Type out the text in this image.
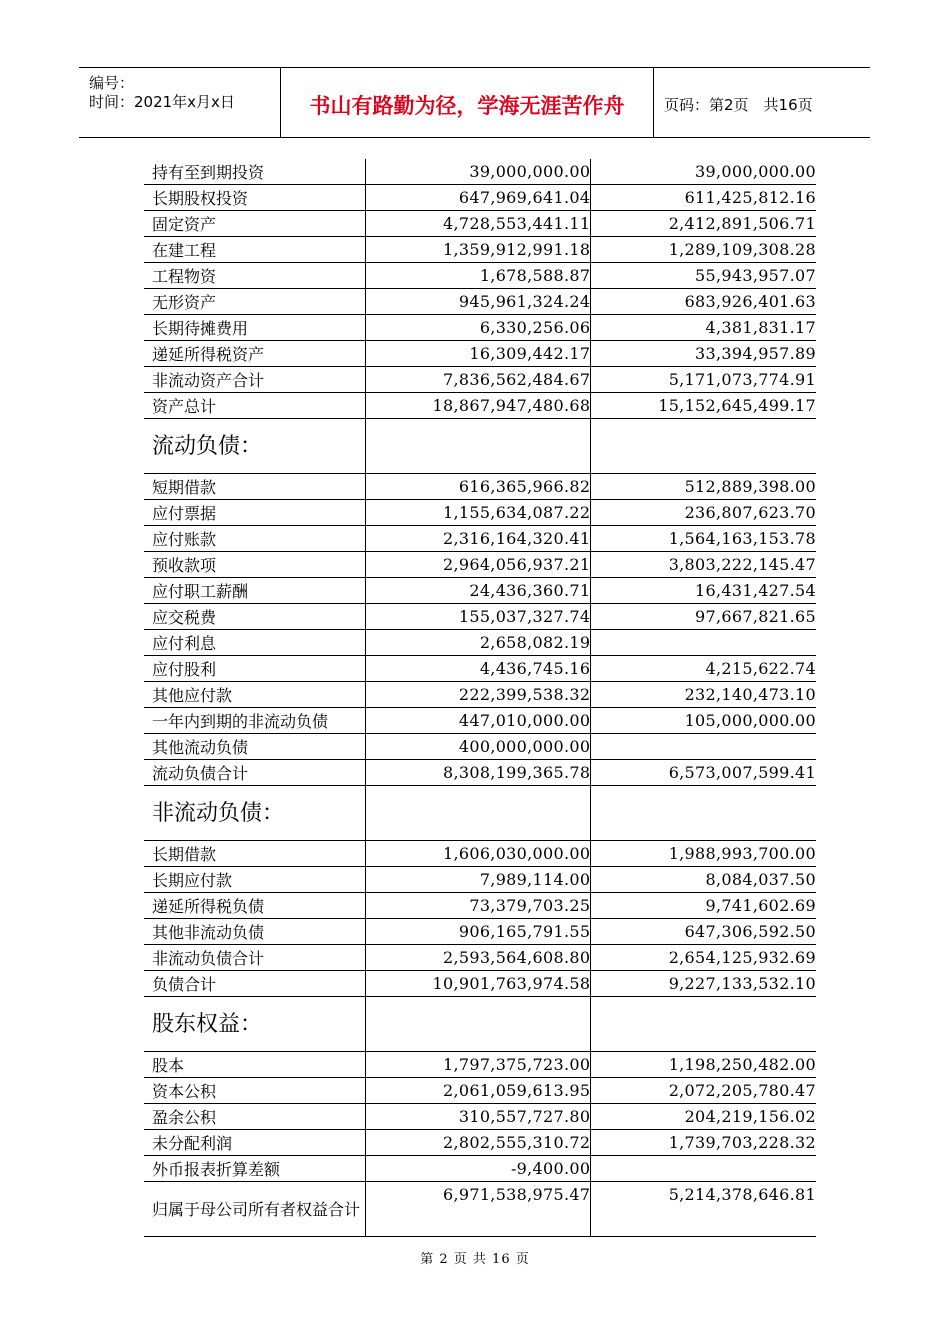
编号：
时间：2021年x月x日	书山有路勤为径，学海无涯苦作舟	页码：第2页　共16页
持有至到期投资	39,000,000.00	39,000,000.00
长期股权投资	647,969,641.04	611,425,812.16
固定资产	4,728,553,441.11	2,412,891,506.71
在建工程	1,359,912,991.18	1,289,109,308.28
工程物资	1,678,588.87	55,943,957.07
无形资产	945,961,324.24	683,926,401.63
长期待摊费用	6,330,256.06	4,381,831.17
递延所得税资产	16,309,442.17	33,394,957.89
非流动资产合计	7,836,562,484.67	5,171,073,774.91
资产总计	18,867,947,480.68	15,152,645,499.17
流动负债：		
短期借款	616,365,966.82	512,889,398.00
应付票据	1,155,634,087.22	236,807,623.70
应付账款	2,316,164,320.41	1,564,163,153.78
预收款项	2,964,056,937.21	3,803,222,145.47
应付职工薪酬	24,436,360.71	16,431,427.54
应交税费	155,037,327.74	97,667,821.65
应付利息	2,658,082.19	
应付股利	4,436,745.16	4,215,622.74
其他应付款	222,399,538.32	232,140,473.10
一年内到期的非流动负债	447,010,000.00	105,000,000.00
其他流动负债	400,000,000.00	
流动负债合计	8,308,199,365.78	6,573,007,599.41
非流动负债：		
长期借款	1,606,030,000.00	1,988,993,700.00
长期应付款	7,989,114.00	8,084,037.50
递延所得税负债	73,379,703.25	9,741,602.69
其他非流动负债	906,165,791.55	647,306,592.50
非流动负债合计	2,593,564,608.80	2,654,125,932.69
负债合计	10,901,763,974.58	9,227,133,532.10
股东权益：		
股本	1,797,375,723.00	1,198,250,482.00
资本公积	2,061,059,613.95	2,072,205,780.47
盈余公积	310,557,727.80	204,219,156.02
未分配利润	2,802,555,310.72	1,739,703,228.32
外币报表折算差额	-9,400.00	
归属于母公司所有者权益合计	6,971,538,975.47	5,214,378,646.81
第 2 页 共 16 页
